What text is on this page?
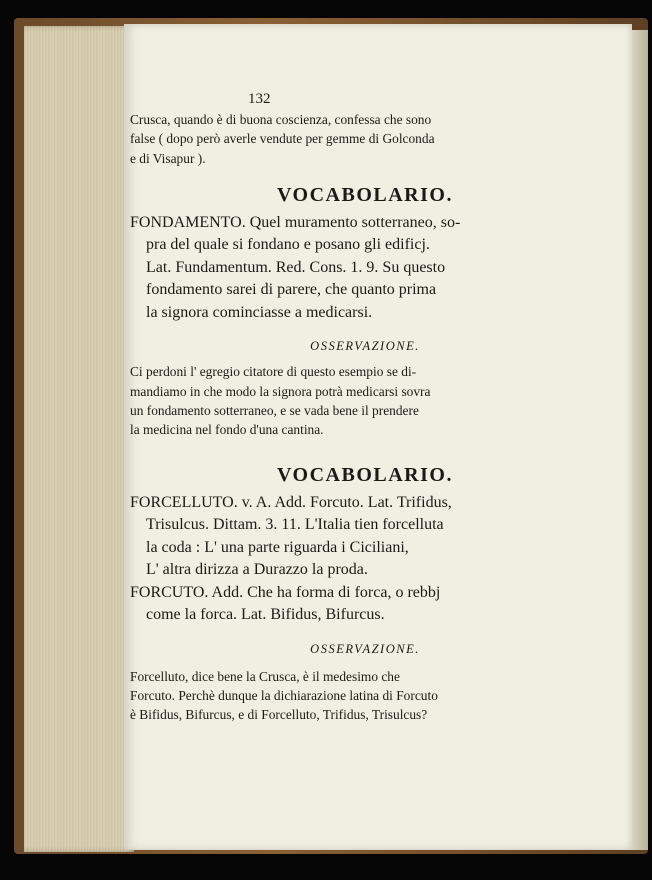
132

Crusca, quando è di buona coscienza, confessa che sono

false ( dopo però averle vendute per gemme di Golconda

e di Visapur ).

VOCABOLARIO.

FONDAMENTO. Quel muramento sotterraneo, so-

pra del quale si fondano e posano gli edificj.

Lat. Fundamentum. Red. Cons. 1. 9. Su questo

fondamento sarei di parere, che quanto prima

la signora cominciasse a medicarsi.

OSSERVAZIONE.

Ci perdoni l' egregio citatore di questo esempio se di-

mandiamo in che modo la signora potrà medicarsi sovra

un fondamento sotterraneo, e se vada bene il prendere

la medicina nel fondo d'una cantina.

VOCABOLARIO.

FORCELLUTO. v. A. Add. Forcuto. Lat. Trifidus,

Trisulcus. Dittam. 3. 11. L'Italia tien forcelluta

la coda : L' una parte riguarda i Ciciliani,

L' altra dirizza a Durazzo la proda.

FORCUTO. Add. Che ha forma di forca, o rebbj

come la forca. Lat. Bifidus, Bifurcus.

OSSERVAZIONE.

Forcelluto, dice bene la Crusca, è il medesimo che

Forcuto. Perchè dunque la dichiarazione latina di Forcuto

è Bifidus, Bifurcus, e di Forcelluto, Trifidus, Trisulcus?
